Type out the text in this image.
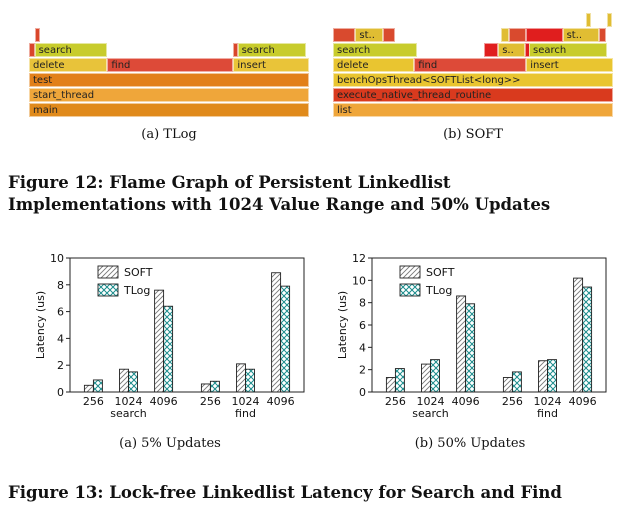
main
start_thread
test
delete	find	insert
search	search
list
execute_native_thread_routine
benchOpsThread<SOFTList<long>>
delete	find	insert
search	s..	search
st..	st..
(a) TLog	(b) SOFT
Figure 12: Flame Graph of Persistent Linkedlist Implementations with 1024 Value Range and 50% Updates
0
2
4
6
8
10
Latency (us)
256 1024 4096 256 1024 4096
search	find
SOFT
TLog
0
2
4
6
8
10
12
Latency (us)
256 1024 4096 256 1024 4096
search	find
SOFT
TLog
(a) 5% Updates	(b) 50% Updates
Figure 13: Lock-free Linkedlist Latency for Search and Find
